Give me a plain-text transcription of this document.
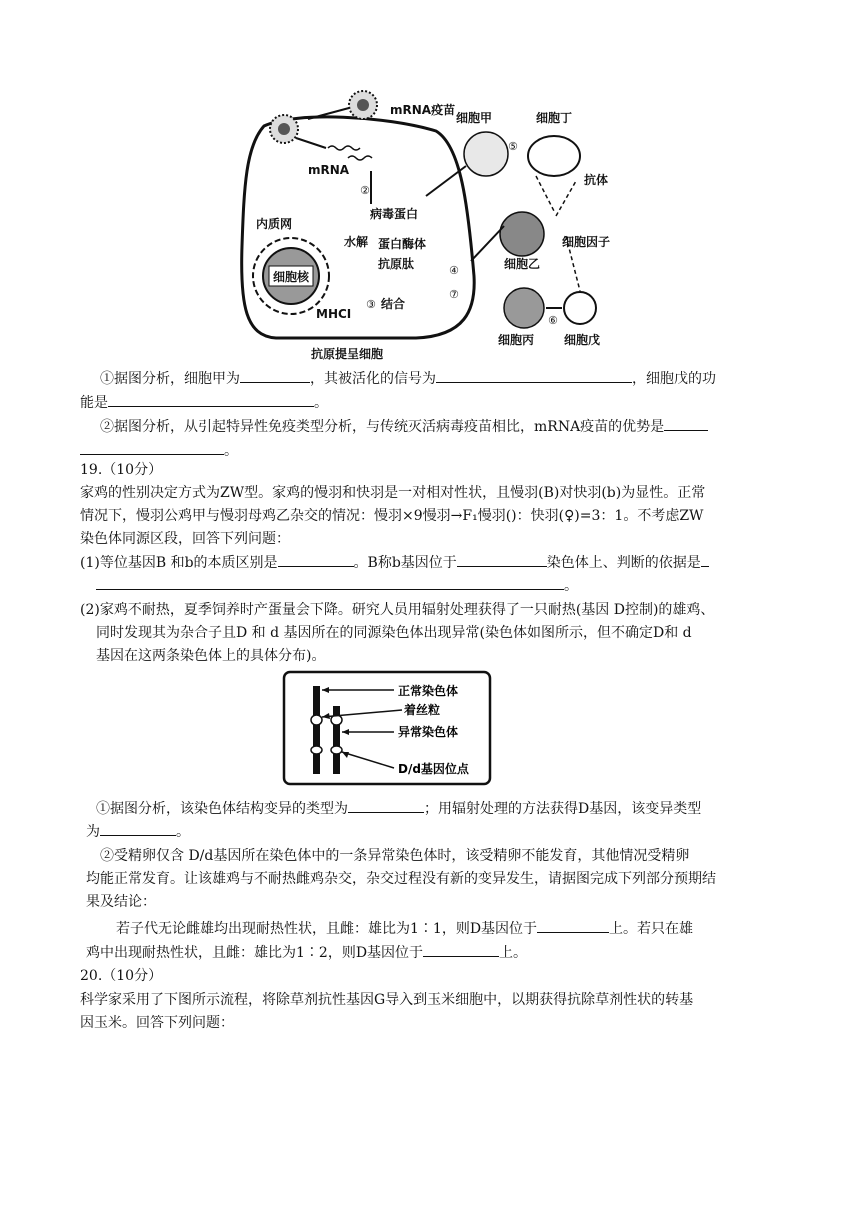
mRNA疫苗
mRNA
②
病毒蛋白
水解 蛋白酶体
抗原肽
细胞核
内质网
MHCⅠ
③ 结合
抗原提呈细胞
细胞甲
⑤
细胞丁
抗体
细胞因子
细胞乙
④
⑦
细胞丙
⑥
细胞戊
①据图分析，细胞甲为	，其被活化的信号为	，细胞戊的功
能是	。
②据图分析，从引起特异性免疫类型分析，与传统灭活病毒疫苗相比，mRNA疫苗的优势是
。
19.（10分）
家鸡的性别决定方式为ZW型。家鸡的慢羽和快羽是一对相对性状，且慢羽(B)对快羽(b)为显性。正常
情况下，慢羽公鸡甲与慢羽母鸡乙杂交的情况：慢羽×9慢羽→F₁慢羽()：快羽(♀)=3：1。不考虑ZW
染色体同源区段，回答下列问题：
(1)等位基因B 和b的本质区别是	。B称b基因位于	染色体上、判断的依据是
。
(2)家鸡不耐热，夏季饲养时产蛋量会下降。研究人员用辐射处理获得了一只耐热(基因 D控制)的雄鸡、
同时发现其为杂合子且D 和 d 基因所在的同源染色体出现异常(染色体如图所示，但不确定D和 d
基因在这两条染色体上的具体分布)。
正常染色体
着丝粒
异常染色体
D/d基因位点
①据图分析，该染色体结构变异的类型为	；用辐射处理的方法获得D基因，该变异类型
为	。
②受精卵仅含 D/d基因所在染色体中的一条异常染色体时，该受精卵不能发育，其他情况受精卵
均能正常发育。让该雄鸡与不耐热雌鸡杂交，杂交过程没有新的变异发生，请据图完成下列部分预期结
果及结论：
若子代无论雌雄均出现耐热性状，且雌：雄比为1∶1，则D基因位于	上。若只在雄
鸡中出现耐热性状，且雌：雄比为1∶2，则D基因位于	上。
20.（10分）
科学家采用了下图所示流程，将除草剂抗性基因G导入到玉米细胞中，以期获得抗除草剂性状的转基
因玉米。回答下列问题：
